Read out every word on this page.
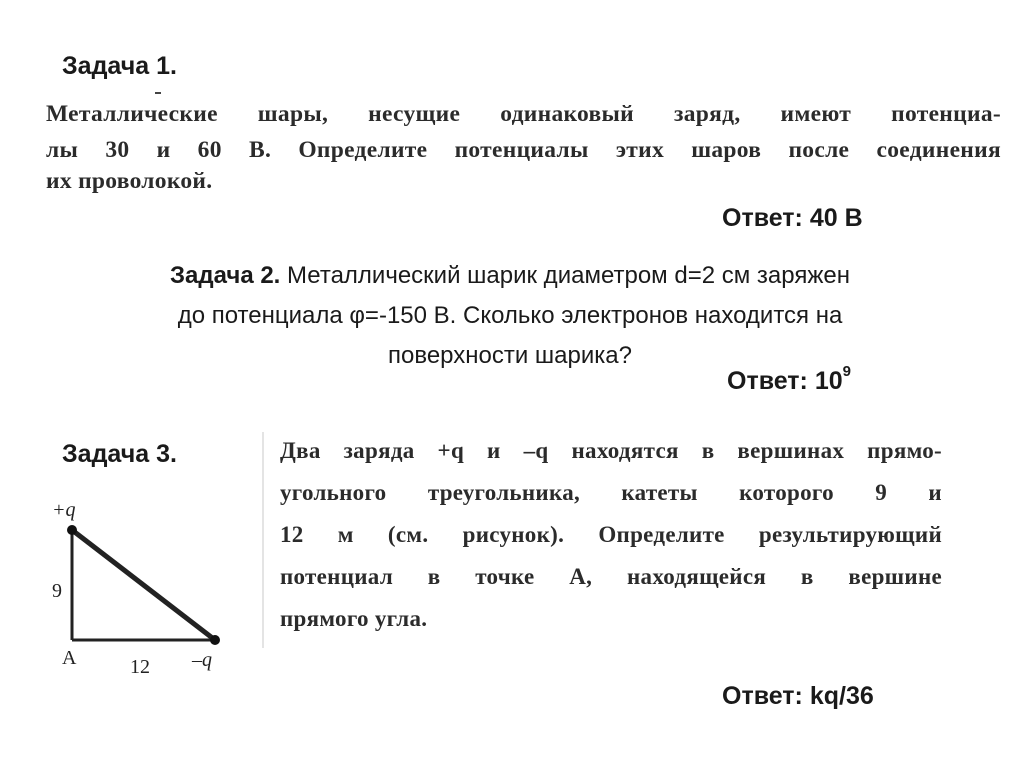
Задача 1.
Металлические шары, несущие одинаковый заряд, имеют потенциа-
лы 30 и 60 В. Определите потенциалы этих шаров после соединения
их проволокой.
Ответ: 40 В
Задача 2. Металлический шарик диаметром d=2 см заряжен
до потенциала φ=-150 В. Сколько электронов находится на
поверхности шарика?
Ответ: $10^9$
Задача 3.
+q
9
A	12 –q
Два заряда +q и –q находятся в вершинах прямо-
угольного треугольника, катеты которого 9 и
12 м (см. рисунок). Определите результирующий
потенциал в точке А, находящейся в вершине
прямого угла.
Ответ: kq/36
